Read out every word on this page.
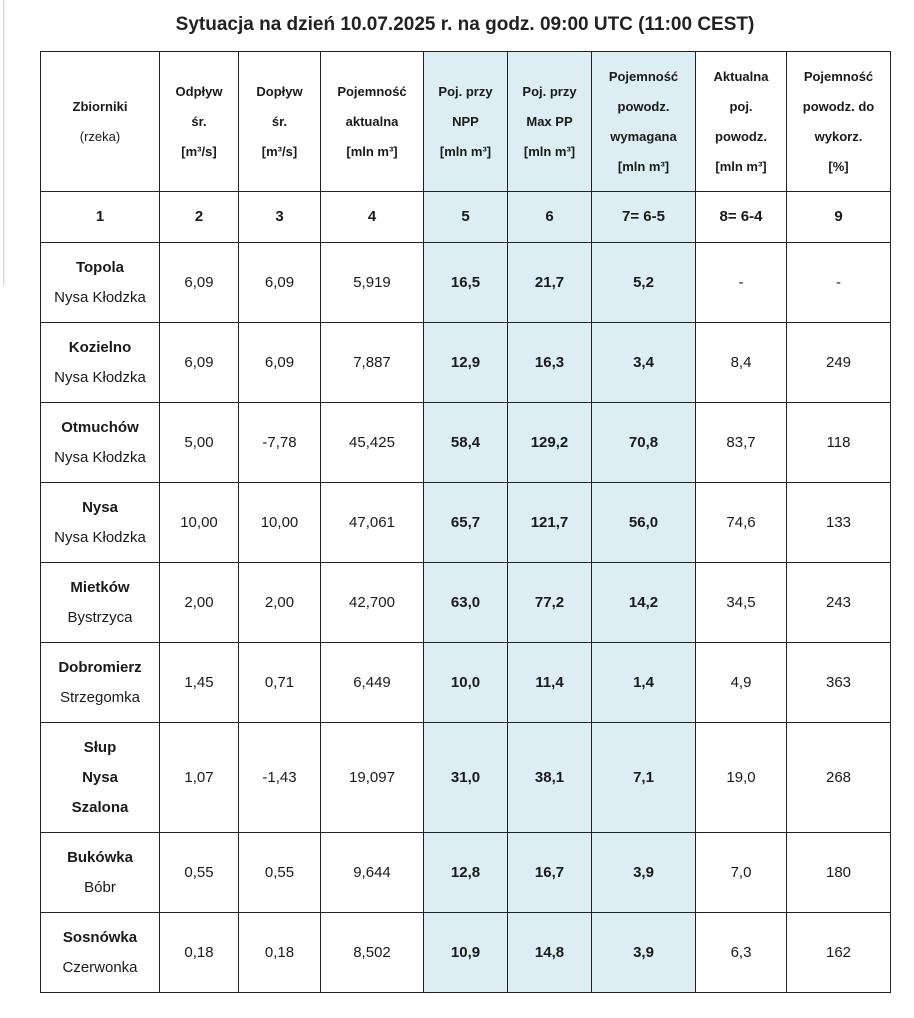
Sytuacja na dzień 10.07.2025 r. na godz. 09:00 UTC (11:00 CEST)
Zbiorniki
(rzeka)	Odpływ
śr.
[m³/s]	Dopływ
śr.
[m³/s]	Pojemność
aktualna
[mln m³]	Poj. przy
NPP
[mln m³]	Poj. przy
Max PP
[mln m³]	Pojemność
powodz.
wymagana
[mln m³]	Aktualna
poj.
powodz.
[mln m³]	Pojemność
powodz. do
wykorz.
[%]

1	2	3	4	5	6	7= 6-5	8= 6-4	9

Topola
Nysa Kłodzka	6,09	6,09	5,919	16,5	21,7	5,2	-	-

Kozielno
Nysa Kłodzka	6,09	6,09	7,887	12,9	16,3	3,4	8,4	249

Otmuchów
Nysa Kłodzka	5,00	-7,78	45,425	58,4	129,2	70,8	83,7	118

Nysa
Nysa Kłodzka	10,00	10,00	47,061	65,7	121,7	56,0	74,6	133

Mietków
Bystrzyca	2,00	2,00	42,700	63,0	77,2	14,2	34,5	243

Dobromierz
Strzegomka	1,45	0,71	6,449	10,0	11,4	1,4	4,9	363

Słup
Nysa
Szalona	1,07	-1,43	19,097	31,0	38,1	7,1	19,0	268

Bukówka
Bóbr	0,55	0,55	9,644	12,8	16,7	3,9	7,0	180

Sosnówka
Czerwonka	0,18	0,18	8,502	10,9	14,8	3,9	6,3	162
